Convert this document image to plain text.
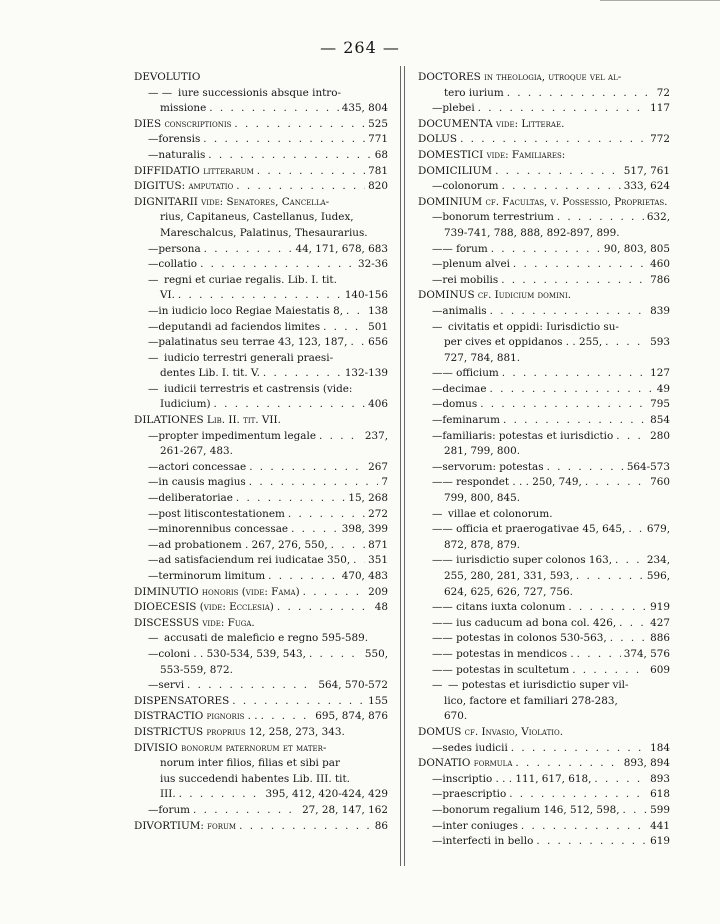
— 264 —
DEVOLUTIO
— — iure successionis absque intro-
missione . . .	435, 804
DIES conscriptionis . . .	525
— forensis . . .	771
— naturalis . . .	68
DIFFIDATIO litterarum . . .	781
DIGITUS: amputatio . . .	820
DIGNITARII vide: Senatores, Cancella-
rius, Capitaneus, Castellanus, Iudex,
Mareschalcus, Palatinus, Thesaurarius.
— persona . . .	44, 171, 678, 683
— collatio . . .	32-36
— regni et curiae regalis. Lib. I. tit.
VI. . . .	140-156
— in iudicio loco Regiae Maiestatis 8, . . . 138
— deputandi ad faciendos limites . . .	501
— palatinatus seu terrae 43, 123, 187, . . . 656
— iudicio terrestri generali praesi-
dentes Lib. I. tit. V. . . .	132-139
— iudicii terrestris et castrensis (vide:
Iudicium) . . .	406
DILATIONES Lib. II. tit. VII.
— propter impedimentum legale . . .	237,
261-267, 483.
— actori concessae . . .	267
— in causis magius . . .	7
— deliberatoriae . . .	15, 268
— post litiscontestationem . . .	272
— minorennibus concessae . . .	398, 399
— ad probationem . 267, 276, 550, . . .	871
— ad satisfaciendum rei iudicatae 350, . . . 351
— terminorum limitum . . .	470, 483
DIMINUTIO honoris (vide: Fama) . . .	209
DIOECESIS (vide: Ecclesia) . . .	48
DISCESSUS vide: Fuga.
— accusati de maleficio e regno 595-589.
— coloni . . 530-534, 539, 543, . . .	550,
553-559, 872.
— servi . . .	564, 570-572
DISPENSATORES . . .	155
DISTRACTIO pignoris . . . . .	695, 874, 876
DISTRICTUS proprius 12, 258, 273, 343.
DIVISIO bonorum paternorum et mater-
norum inter filios, filias et sibi par
ius succedendi habentes Lib. III. tit.
III. . . .	395, 412, 420-424, 429
— forum . . .	27, 28, 147, 162
DIVORTIUM: forum . . .	86
DOCTORES in theologia, utroque vel al-
tero iurium . . .	72
— plebei . . .	117
DOCUMENTA vide: Litterae.
DOLUS . . .	772
DOMESTICI vide: Familiares:
DOMICILIUM . . .	517, 761
— colonorum . . .	333, 624
DOMINIUM cf. Facultas, v. Possessio, Proprietas.
— bonorum terrestrium . . .	632,
739-741, 788, 888, 892-897, 899.
— — forum . . .	90, 803, 805
— plenum alvei . . .	460
— rei mobilis . . .	786
DOMINUS cf. Iudicium domini.
— animalis . . .	839
— civitatis et oppidi: Iurisdictio su-
per cives et oppidanos . . 255, . . .	593
727, 784, 881.
— — officium . . .	127
— decimae . . .	49
— domus . . .	795
— feminarum . . .	854
— familiaris: potestas et iurisdictio . . .	280
281, 799, 800.
— servorum: potestas . . .	564-573
— — respondet . . . 250, 749, . . .	760
799, 800, 845.
— villae et colonorum.
— — officia et praerogativae 45, 645, . . . 679,
872, 878, 879.
— — iurisdictio super colonos 163, . . .	234,
255, 280, 281, 331, 593, . . .	596,
624, 625, 626, 727, 756.
— — citans iuxta colonum . . .	919
— — ius caducum ad bona col. 426, . . .	427
— — potestas in colonos 530-563, . . .	886
— — potestas in mendicos . . . .	374, 576
— — potestas in scultetum . . .	609
— — potestas et iurisdictio super vil-
lico, factore et familiari 278-283,
670.
DOMUS cf. Invasio, Violatio.
— sedes iudicii . . .	184
DONATIO formula . . .	893, 894
— inscriptio . . . 111, 617, 618, . . .	893
— praescriptio . . .	618
— bonorum regalium 146, 512, 598, . . .	599
— inter coniuges . . .	441
— interfecti in bello . . .	619
